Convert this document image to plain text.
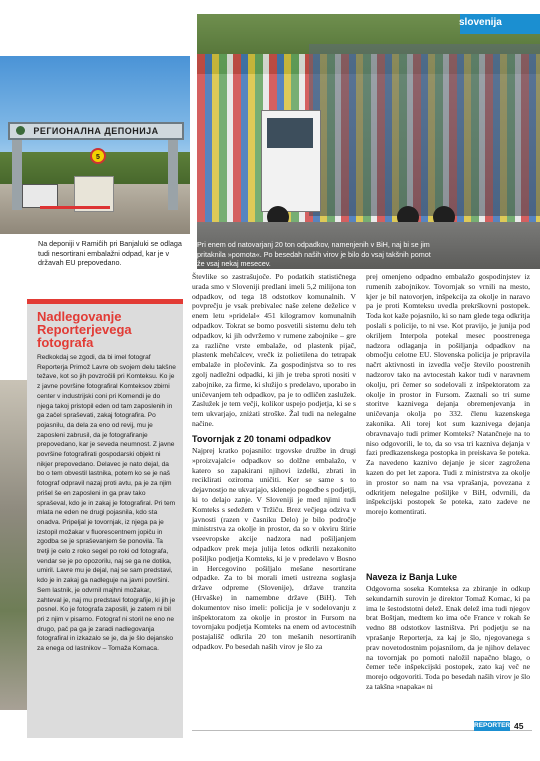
slovenija
Pri enem od natovarjanj 20 ton odpadkov, namenjenih v BiH, naj bi se jim pritaknila »pomota«. Po besedah naših virov je bilo do vsaj takšnih pomot že vsaj nekaj mesecev.
РЕГИОНАЛНА ДЕПОНИЈА
5
Na deponiji v Ramiĉih pri Banjaluki se odlaga tudi nesortirani embalažni odpad, kar je v državah EU prepovedano.
Nadlegovanje Reporterjevega fotografa
Redkokdaj se zgodi, da bi imel fotograf Reporterja Primož Lavre ob svojem delu takšne težave, kot so jih povzročili pri Komteksu. Ko je z javne površine fotografiral Komteksov zbirni center v industrijski coni pri Komendi je do njega takoj pristopil eden od tam zaposlenih in ga začel spraševati, zakaj fotografira. Po pojasnilu, da dela za eno od revij, mu je zaposleni zabrusil, da je fotografiranje prepovedano, kar je seveda neumnost. Z javne površine fotografirati gospodarski objekt ni nikjer prepovedano. Delavec je nato dejal, da bo o tem obvestil lastnika, potem ko se je naš fotograf odpravil nazaj proti avtu, pa je za njim prišel še en zaposleni in ga prav tako spraševal, kdo je in zakaj je fotografiral. Pri tem mlata ne eden ne drugi pojasnila, kdo sta onadva. Pripeljal je tovornjak, iz njega pa je izstopil možakar v fluorescentnem jopiču in zgodba se je spraševanjem še ponovila. Ta tretji je celo z roko segel po roki od fotografa, vendar se je po opozorilu, naj se ga ne dotika, umiril. Lavre mu je dejal, naj se sam predstavi, kdo je in zakaj ga nadleguje na javni površini. Sem lastnik, je odvrnil majhni možakar, zahteval je, naj mu predstavi fotografije, ki jih je posnel. Ko je fotografa zaposlil, je zatem ni bil pri z njim v pisarno. Fotograf ni storil ne eno ne drugo, pač pa ga je zaradi nadlegovanja fotografiral in izkazalo se je, da je šlo dejansko za enega od lastnikov – Tomaža Komaca.
Števlike so zastrašujoče. Po podatkih statističnega urada smo v Sloveniji predlani imeli 5,2 milijona ton odpadkov, od tega 18 odstotkov komunalnih. V povprečju je vsak prebivalec naše zelene deželice v enem letu »pridelal« 451 kilogramov komunalnih odpadkov. Tokrat se bomo posvetili sistemu delu teh odpadkov, ki jih odvržemo v rumene zabojnike – gre za različne vrste embalaže, od plastenk pijač, plastenk mehčalcev, vrečk iz polietilena do tetrapak embalaže in pločevink. Za gospodinjstva so to res zgolj nadležni odpadki, ki jih je treba sproti nositi v zabojnike, za firme, ki služijo s predelavo, uporabo in uničevanjem teh odpadkov, pa je to odličen zaslužek. Zaslužek je tem večji, kolikor uspejo podjetja, ki se s tem ukvarjajo, zniżati stroške. Žal tudi na nelegalne načine.
Tovornjak z 20 tonami odpadkov
Najprej kratko pojasnilo: trgovske družbe in drugi »proizvajalci« odpadkov so dolžne embalažo, v katero so zapakirani njihovi izdelki, zbrati in reciklirati oziroma uničiti. Ker se same s to dejavnostjo ne ukvarjajo, sklenejo pogodbe s podjetji, ki to delajo zanje. V Sloveniji je med njimi tudi Komteks s sedežem v Tržiču. Brez večjega odziva v javnosti (razen v časniku Delo) je bilo področje ministrstva za okolje in prostor, da so v okviru štirie vseevropske akcije nadzora nad pošiljanjem odpadkov prek meja julija letos odkrili nezakonito pošiljko podjetja Komteks, ki je v predelavo v Bosno in Hercegovino pošiljalo mešane nesortirane odpadke. Za to bi morali imeti ustrezna soglasja države odpreme (Slovenije), države tranzita (Hrvaške) in namembne države (BiH). Teh dokumentov niso imeli: policija je v sodelovanju z inšpektoratom za okolje in prostor in Fursom na tovornjaku podjetja Komteks na enem od avtocestnih postajališč odkrila 20 ton mešanih nesortiranih odpadkov. Po besedah naših virov je šlo za
prej omenjeno odpadno embalažo gospodinjstev iz rumenih zabojnikov. Tovornjak so vrnili na mesto, kjer je bil natovorjen, inšpekcija za okolje in naravo pa je proti Komteksu uvedla prekrškovni postopek. Toda kot kaže pojasnilo, ki so nam glede tega odkritja poslali s policije, to ni vse. Kot pravijo, je junija pod okriljem Interpola potekal mesec poostrenega nadzora odlaganja in pošiljanja odpadkov na območju celotne EU. Slovenska policija je pripravila naĉrt aktivnosti in izvedla veĉje število poostrenih nadzorov tako na avtocestah kakor tudi v naravnem okolju, pri čemer so sodelovali z inšpektoratom za okolje in prostor in Fursom. Zaznali so tri sume storitve kaznivega dejanja obremenjevanja in uničevanja okolja po 332. členu kazenskega zakonika. Ali torej kot sum kaznivega dejanja obravnavajo tudi primer Komteks? Natančneje na to niso odgovorili, le to, da so vsa tri kazniva dejanja v fazi predkazenskega postopka in preiskava še poteka. Za navedeno kaznivo dejanje je sicer zagrožena kazen do pet let zapora. Tudi z ministrstva za okolje in prostor so nam na vsa vprašanja, povezana z odkritjem nelegalne pošiljke v BiH, odvrnili, da inšpekcijski postopek še poteka, zato zadeve ne morejo komentirati.
Naveza iz Banja Luke
Odgovorna soseka Komteksa za zbiranje in odkup sekundarnih surovin je direktor Tomaž Komac, ki pa ima le šestodstotni delež. Enak delež ima tudi njegov brat Boštjan, medtem ko ima oĉe France v rokah še vedno 88 odstotkov lastništva. Pri podjetju se na vprašanje Reporterja, za kaj je šlo, njegovanega s prav novetodostnim pojasnilom, da je njihov delavec na tovornjak po pomoti naložil napačno blago, o čemer teče inšpekcijski postopek, zato kaj več ne morejo odgovoriti. Toda po besedah naših virov je šlo za takšna »napaka« ni
REPORTER 45
